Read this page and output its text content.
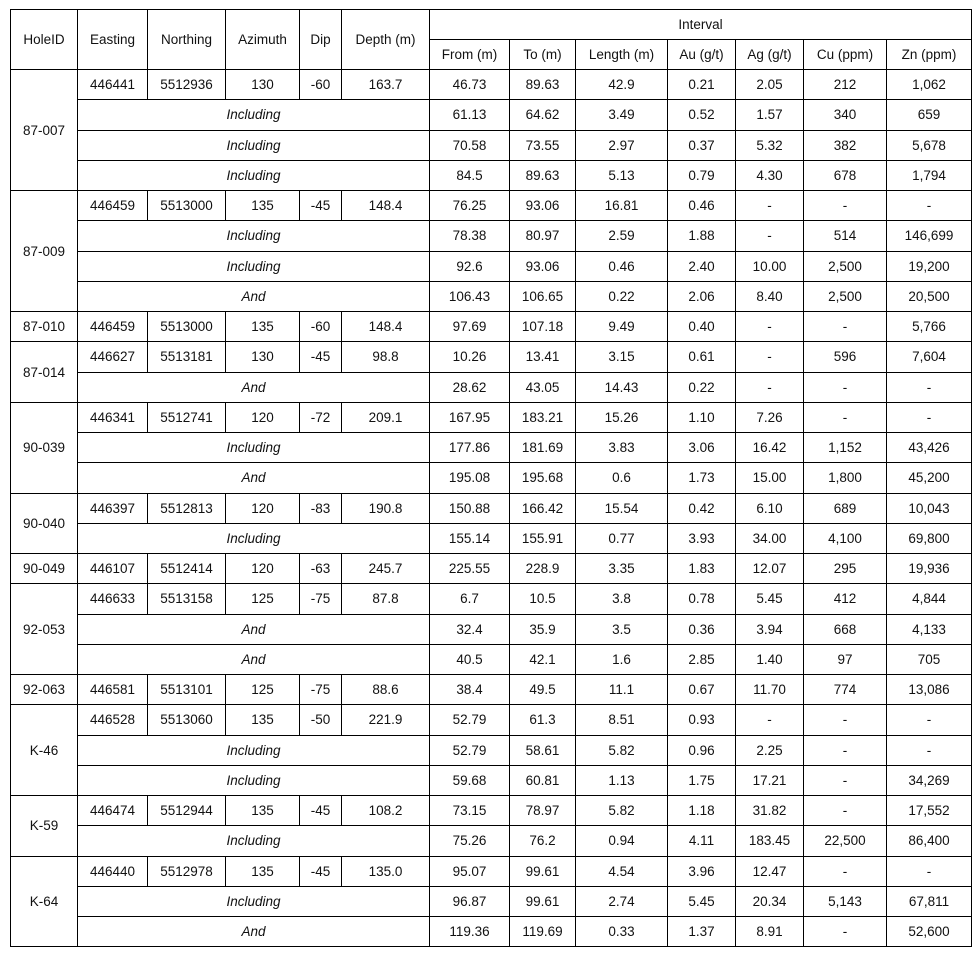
HoleID	Easting	Northing	Azimuth	Dip	Depth (m)	Interval						
						From (m)	To (m)	Length (m)	Au (g/t)	Ag (g/t)	Cu (ppm)	Zn (ppm)
87-007	446441	5512936	130	-60	163.7	46.73	89.63	42.9	0.21	2.05	212	1,062
	Including					61.13	64.62	3.49	0.52	1.57	340	659
	Including					70.58	73.55	2.97	0.37	5.32	382	5,678
	Including					84.5	89.63	5.13	0.79	4.30	678	1,794
87-009	446459	5513000	135	-45	148.4	76.25	93.06	16.81	0.46	-	-	-
	Including					78.38	80.97	2.59	1.88	-	514	146,699
	Including					92.6	93.06	0.46	2.40	10.00	2,500	19,200
	And					106.43	106.65	0.22	2.06	8.40	2,500	20,500
87-010	446459	5513000	135	-60	148.4	97.69	107.18	9.49	0.40	-	-	5,766
87-014	446627	5513181	130	-45	98.8	10.26	13.41	3.15	0.61	-	596	7,604
	And					28.62	43.05	14.43	0.22	-	-	-
90-039	446341	5512741	120	-72	209.1	167.95	183.21	15.26	1.10	7.26	-	-
	Including					177.86	181.69	3.83	3.06	16.42	1,152	43,426
	And					195.08	195.68	0.6	1.73	15.00	1,800	45,200
90-040	446397	5512813	120	-83	190.8	150.88	166.42	15.54	0.42	6.10	689	10,043
	Including					155.14	155.91	0.77	3.93	34.00	4,100	69,800
90-049	446107	5512414	120	-63	245.7	225.55	228.9	3.35	1.83	12.07	295	19,936
92-053	446633	5513158	125	-75	87.8	6.7	10.5	3.8	0.78	5.45	412	4,844
	And					32.4	35.9	3.5	0.36	3.94	668	4,133
	And					40.5	42.1	1.6	2.85	1.40	97	705
92-063	446581	5513101	125	-75	88.6	38.4	49.5	11.1	0.67	11.70	774	13,086
K-46	446528	5513060	135	-50	221.9	52.79	61.3	8.51	0.93	-	-	-
	Including					52.79	58.61	5.82	0.96	2.25	-	-
	Including					59.68	60.81	1.13	1.75	17.21	-	34,269
K-59	446474	5512944	135	-45	108.2	73.15	78.97	5.82	1.18	31.82	-	17,552
	Including					75.26	76.2	0.94	4.11	183.45	22,500	86,400
K-64	446440	5512978	135	-45	135.0	95.07	99.61	4.54	3.96	12.47	-	-
	Including					96.87	99.61	2.74	5.45	20.34	5,143	67,811
	And					119.36	119.69	0.33	1.37	8.91	-	52,600
